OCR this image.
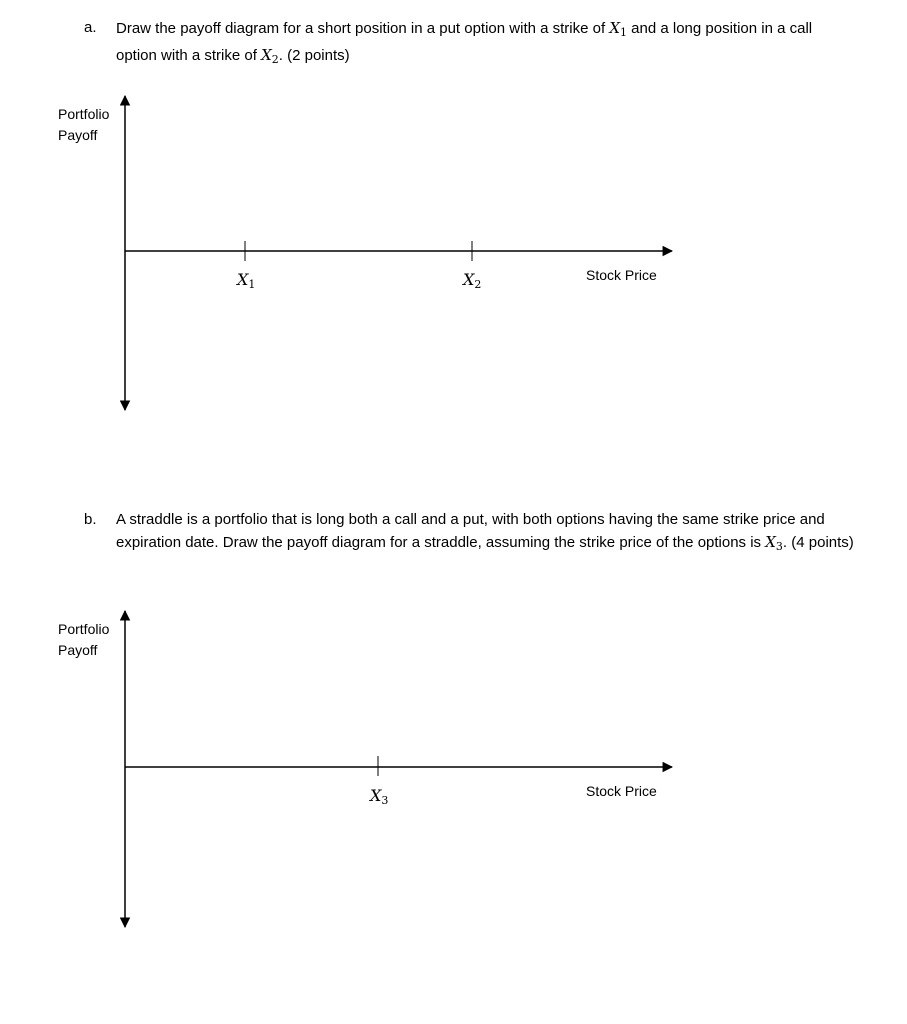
a. Draw the payoff diagram for a short position in a put option with a strike of $X_1$ and a long position in a call option with a strike of $X_2$. (2 points)
Portfolio
Payoff
$X_1$	$X_2$
Stock Price
b. A straddle is a portfolio that is long both a call and a put, with both options having the same strike price and expiration date. Draw the payoff diagram for a straddle, assuming the strike price of the options is $X_3$. (4 points)
Portfolio
Payoff
$X_3$
Stock Price
